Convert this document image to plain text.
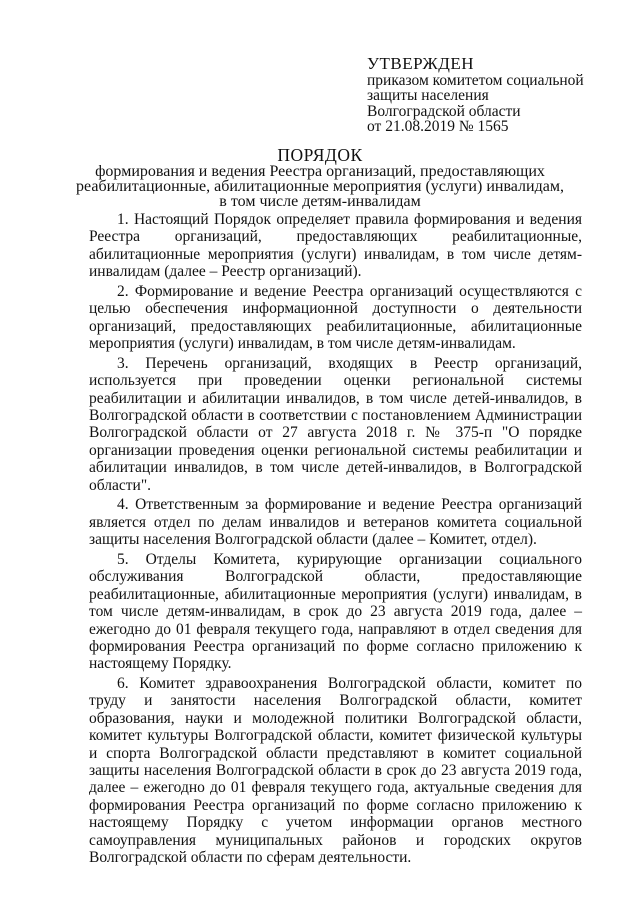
УТВЕРЖДЕН
приказом комитетом социальной
защиты населения
Волгоградской области
от 21.08.2019 № 1565
ПОРЯДОК
формирования и ведения Реестра организаций, предоставляющих
реабилитационные, абилитационные мероприятия (услуги) инвалидам,
в том числе детям-инвалидам

1. Настоящий Порядок определяет правила формирования и ведения Реестра организаций, предоставляющих реабилитационные, абилитационные мероприятия (услуги) инвалидам, в том числе детям-инвалидам (далее – Реестр организаций).

2. Формирование и ведение Реестра организаций осуществляются с целью обеспечения информационной доступности о деятельности организаций, предоставляющих реабилитационные, абилитационные мероприятия (услуги) инвалидам, в том числе детям-инвалидам.

3. Перечень организаций, входящих в Реестр организаций, используется при проведении оценки региональной системы реабилитации и абилитации инвалидов, в том числе детей-инвалидов, в Волгоградской области в соответствии с постановлением Администрации Волгоградской области от 27 августа 2018 г. № 375-п "О порядке организации проведения оценки региональной системы реабилитации и абилитации инвалидов, в том числе детей-инвалидов, в Волгоградской области".

4. Ответственным за формирование и ведение Реестра организаций является отдел по делам инвалидов и ветеранов комитета социальной защиты населения Волгоградской области (далее – Комитет, отдел).

5. Отделы Комитета, курирующие организации социального обслуживания Волгоградской области, предоставляющие реабилитационные, абилитационные мероприятия (услуги) инвалидам, в том числе детям-инвалидам, в срок до 23 августа 2019 года, далее – ежегодно до 01 февраля текущего года, направляют в отдел сведения для формирования Реестра организаций по форме согласно приложению к настоящему Порядку.

6. Комитет здравоохранения Волгоградской области, комитет по труду и занятости населения Волгоградской области, комитет образования, науки и молодежной политики Волгоградской области, комитет культуры Волгоградской области, комитет физической культуры и спорта Волгоградской области представляют в комитет социальной защиты населения Волгоградской области в срок до 23 августа 2019 года, далее – ежегодно до 01 февраля текущего года, актуальные сведения для формирования Реестра организаций по форме согласно приложению к настоящему Порядку с учетом информации органов местного самоуправления муниципальных районов и городских округов Волгоградской области по сферам деятельности.
